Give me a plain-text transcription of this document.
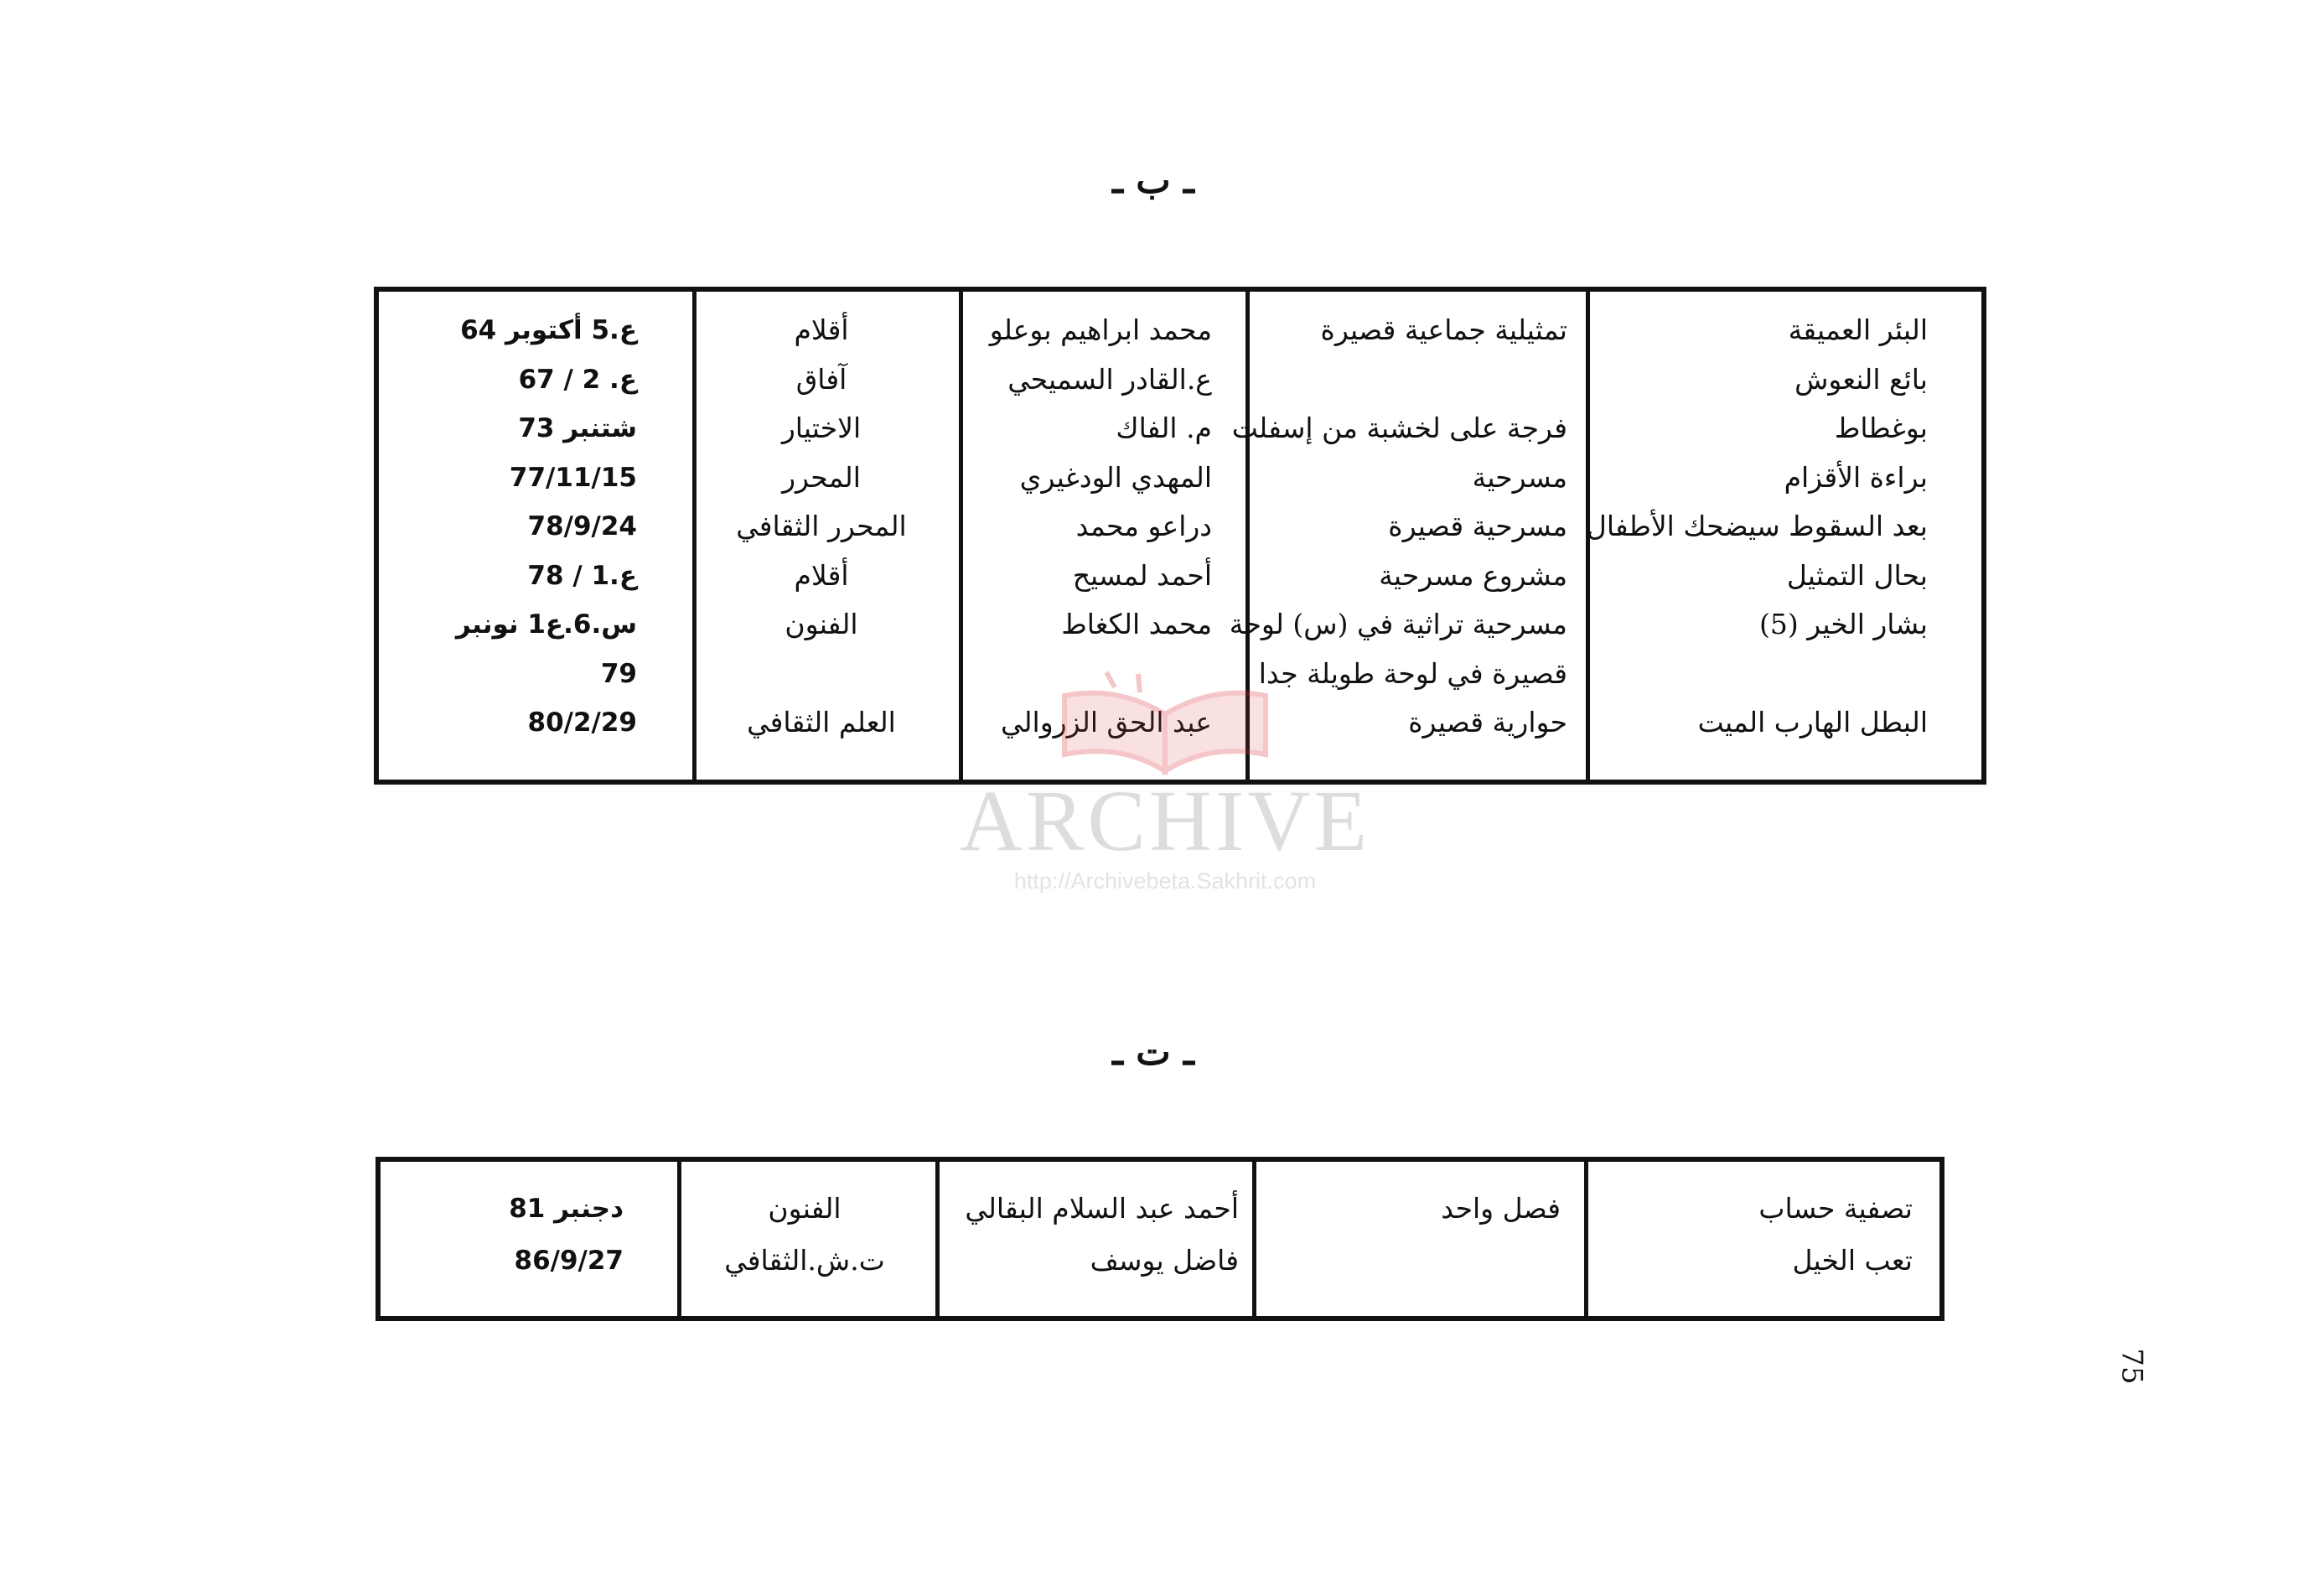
ـ ب ـ
البئر العميقة
تمثيلية جماعية قصيرة
محمد ابراهيم بوعلو
أقلام
ع.5 أكتوبر 64
بائع النعوش
ع.القادر السميحي
آفاق
ع. 2 / 67
بوغطاط
فرجة على لخشبة من إسفلت
م. الفاك
الاختيار
شتنبر 73
براءة الأقزام
مسرحية
المهدي الودغيري
المحرر
77/11/15
بعد السقوط سيضحك الأطفال
مسرحية قصيرة
دراعو محمد
المحرر الثقافي
78/9/24
بحال التمثيل
مشروع مسرحية
أحمد لمسيح
أقلام
ع.1 / 78
بشار الخير (5)
مسرحية تراثية في (س) لوحة
محمد الكغاط
الفنون
س.6.ع1 نونبر
قصيرة في لوحة طويلة جدا
79
البطل الهارب الميت
حوارية قصيرة
عبد الحق الزروالي
العلم الثقافي
80/2/29
ـ ت ـ
تصفية حساب
فصل واحد
أحمد عبد السلام البقالي
الفنون
دجنبر 81
تعب الخيل
فاضل يوسف
ت.ش.الثقافي
86/9/27
ARCHIVE
http://Archivebeta.Sakhrit.com
75
